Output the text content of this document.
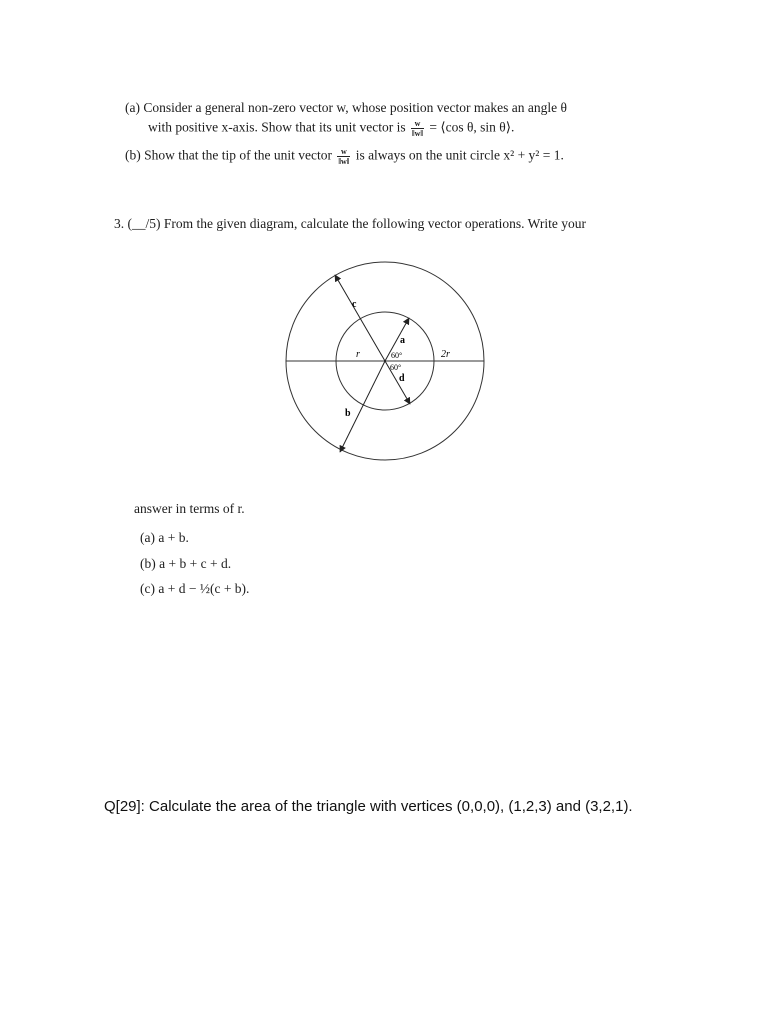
(a) Consider a general non-zero vector w, whose position vector makes an angle θ
with positive x-axis. Show that its unit vector is $\frac{w}{‖w‖}$ = ⟨cos θ, sin θ⟩.
(b) Show that the tip of the unit vector $\frac{w}{‖w‖}$ is always on the unit circle x² + y² = 1.
3. (__/5) From the given diagram, calculate the following vector operations. Write your
c
a
r	60°	2r
60°
d
b
answer in terms of r.
(a) a + b.
(b) a + b + c + d.
(c) a + d − ½(c + b).
Q[29]: Calculate the area of the triangle with vertices (0,0,0), (1,2,3) and (3,2,1).
